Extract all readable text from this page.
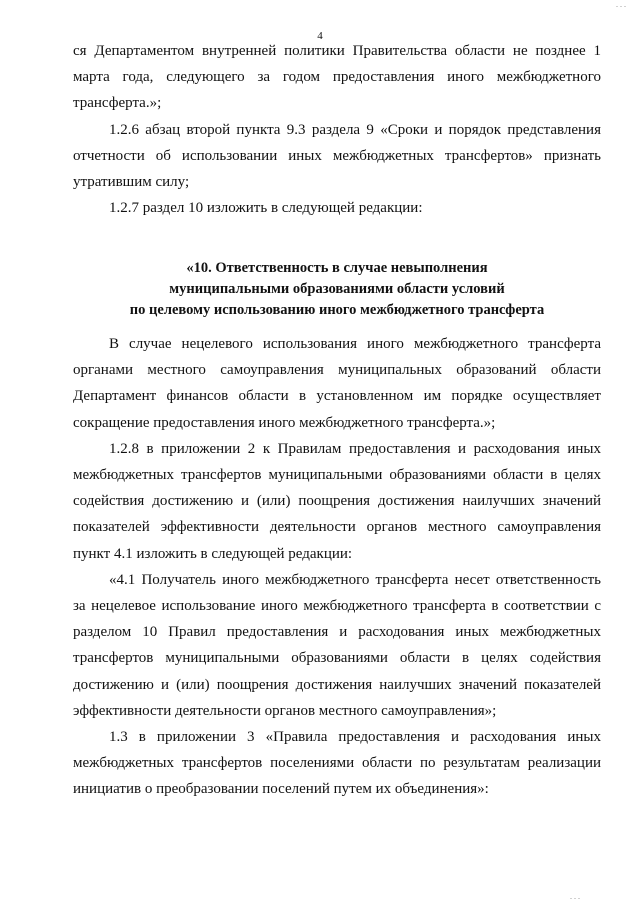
...
4

ся Департаментом внутренней политики Правительства области не позднее 1 марта года, следующего за годом предоставления иного межбюджетного трансферта.»;

1.2.6 абзац второй пункта 9.3 раздела 9 «Сроки и порядок представления отчетности об использовании иных межбюджетных трансфертов» признать утратившим силу;

1.2.7 раздел 10 изложить в следующей редакции:

«10. Ответственность в случае невыполнения
муниципальными образованиями области условий
по целевому использованию иного межбюджетного трансферта

В случае нецелевого использования иного межбюджетного трансферта органами местного самоуправления муниципальных образований области Департамент финансов области в установленном им порядке осуществляет сокращение предоставления иного межбюджетного трансферта.»;

1.2.8 в приложении 2 к Правилам предоставления и расходования иных межбюджетных трансфертов муниципальными образованиями области в целях содействия достижению и (или) поощрения достижения наилучших значений показателей эффективности деятельности органов местного самоуправления пункт 4.1 изложить в следующей редакции:

«4.1 Получатель иного межбюджетного трансферта несет ответственность за нецелевое использование иного межбюджетного трансферта в соответствии с разделом 10 Правил предоставления и расходования иных межбюджетных трансфертов муниципальными образованиями области в целях содействия достижению и (или) поощрения достижения наилучших значений показателей эффективности деятельности органов местного самоуправления»;

1.3 в приложении 3 «Правила предоставления и расходования иных межбюджетных трансфертов поселениями области по результатам реализации инициатив о преобразовании поселений путем их объединения»:

...
